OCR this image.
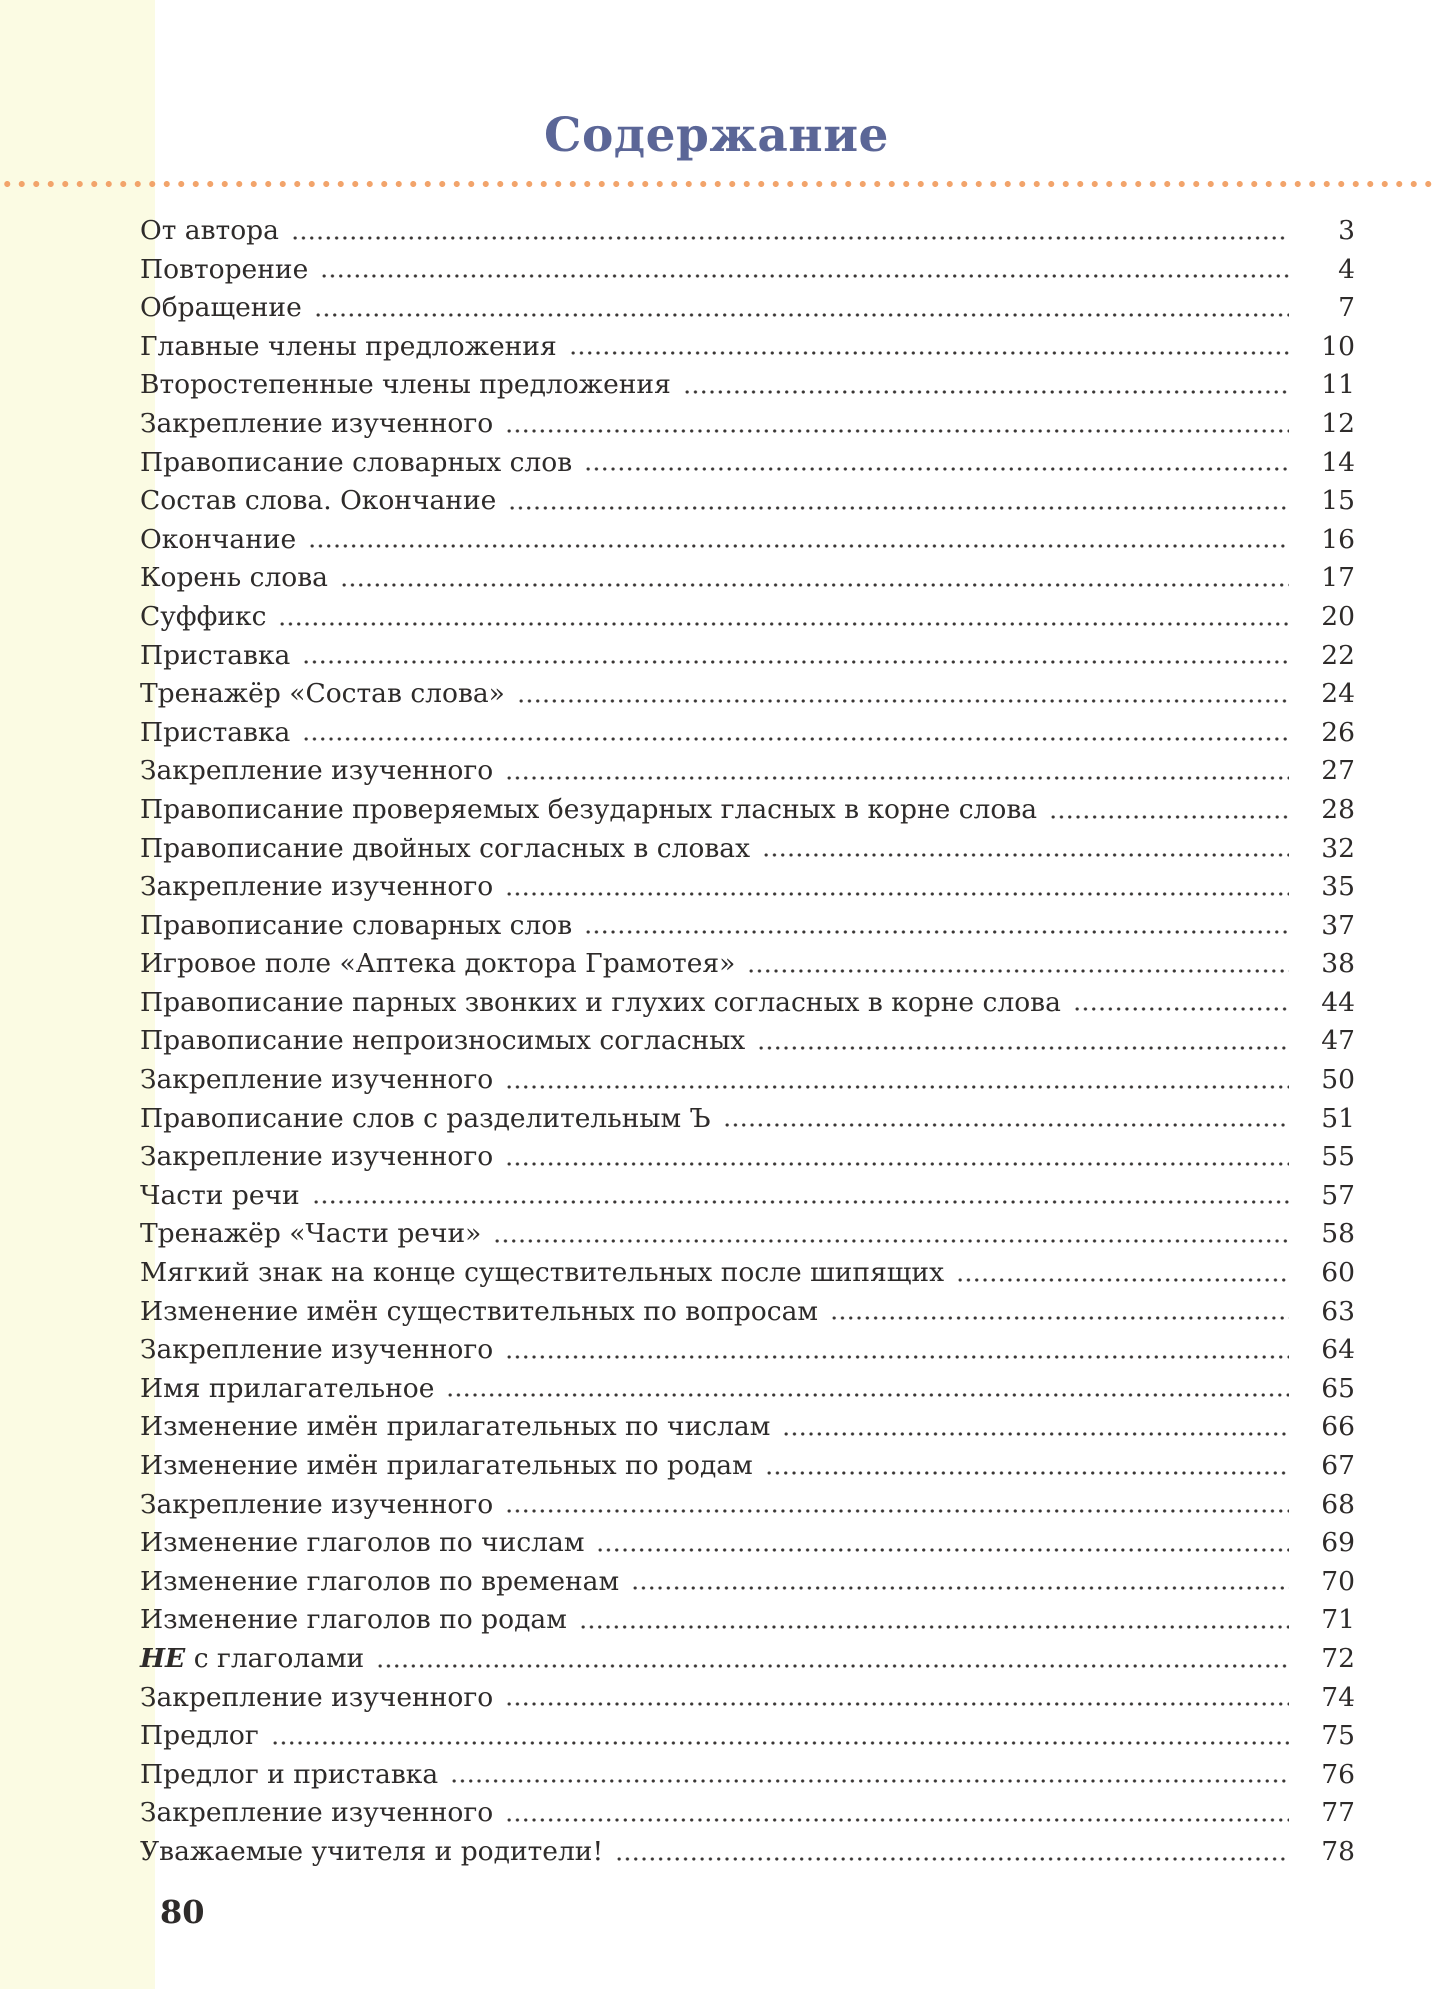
Содержание
От автора	3
Повторение	4
Обращение	7
Главные члены предложения	10
Второстепенные члены предложения	11
Закрепление изученного	12
Правописание словарных слов	14
Состав слова. Окончание	15
Окончание	16
Корень слова	17
Суффикс	20
Приставка	22
Тренажёр «Состав слова»	24
Приставка	26
Закрепление изученного	27
Правописание проверяемых безударных гласных в корне слова	28
Правописание двойных согласных в словах	32
Закрепление изученного	35
Правописание словарных слов	37
Игровое поле «Аптека доктора Грамотея»	38
Правописание парных звонких и глухих согласных в корне слова	44
Правописание непроизносимых согласных	47
Закрепление изученного	50
Правописание слов с разделительным Ъ	51
Закрепление изученного	55
Части речи	57
Тренажёр «Части речи»	58
Мягкий знак на конце существительных после шипящих	60
Изменение имён существительных по вопросам	63
Закрепление изученного	64
Имя прилагательное	65
Изменение имён прилагательных по числам	66
Изменение имён прилагательных по родам	67
Закрепление изученного	68
Изменение глаголов по числам	69
Изменение глаголов по временам	70
Изменение глаголов по родам	71
НЕ с глаголами	72
Закрепление изученного	74
Предлог	75
Предлог и приставка	76
Закрепление изученного	77
Уважаемые учителя и родители!	78
80
